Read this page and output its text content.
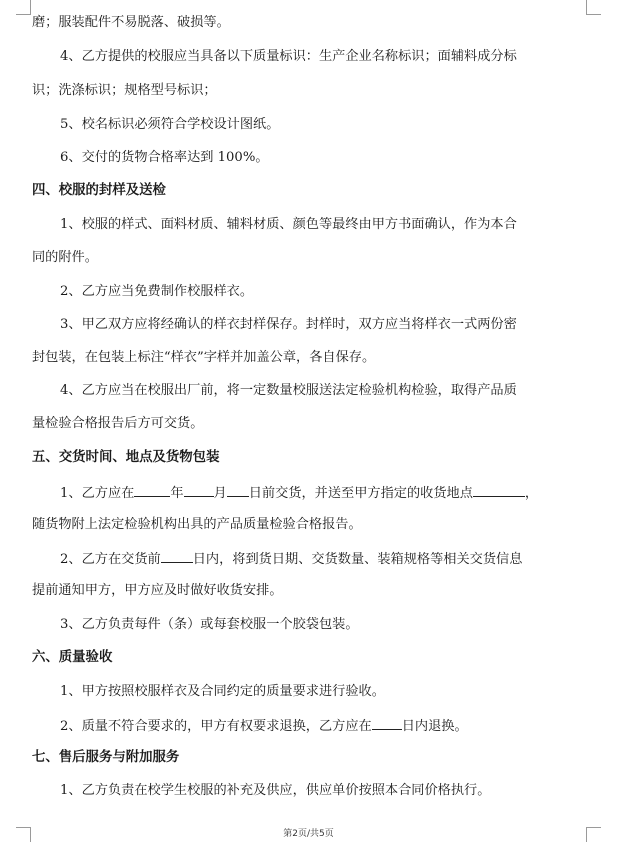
磨；服装配件不易脱落、破损等。
4、乙方提供的校服应当具备以下质量标识：生产企业名称标识；面辅料成分标
识；洗涤标识；规格型号标识；
5、校名标识必须符合学校设计图纸。
6、交付的货物合格率达到 100%。
四、校服的封样及送检
1、校服的样式、面料材质、辅料材质、颜色等最终由甲方书面确认，作为本合
同的附件。
2、乙方应当免费制作校服样衣。
3、甲乙双方应将经确认的样衣封样保存。封样时，双方应当将样衣一式两份密
封包装，在包装上标注“样衣”字样并加盖公章，各自保存。
4、乙方应当在校服出厂前，将一定数量校服送法定检验机构检验，取得产品质
量检验合格报告后方可交货。
五、交货时间、地点及货物包装
1、乙方应在	年 月 日前交货，并送至甲方指定的收货地点	，
随货物附上法定检验机构出具的产品质量检验合格报告。
2、乙方在交货前 日内，将到货日期、交货数量、装箱规格等相关交货信息
提前通知甲方，甲方应及时做好收货安排。
3、乙方负责每件（条）或每套校服一个胶袋包装。
六、质量验收
1、甲方按照校服样衣及合同约定的质量要求进行验收。
2、质量不符合要求的，甲方有权要求退换，乙方应在 日内退换。
七、售后服务与附加服务
1、乙方负责在校学生校服的补充及供应，供应单价按照本合同价格执行。
第2页/共5页
